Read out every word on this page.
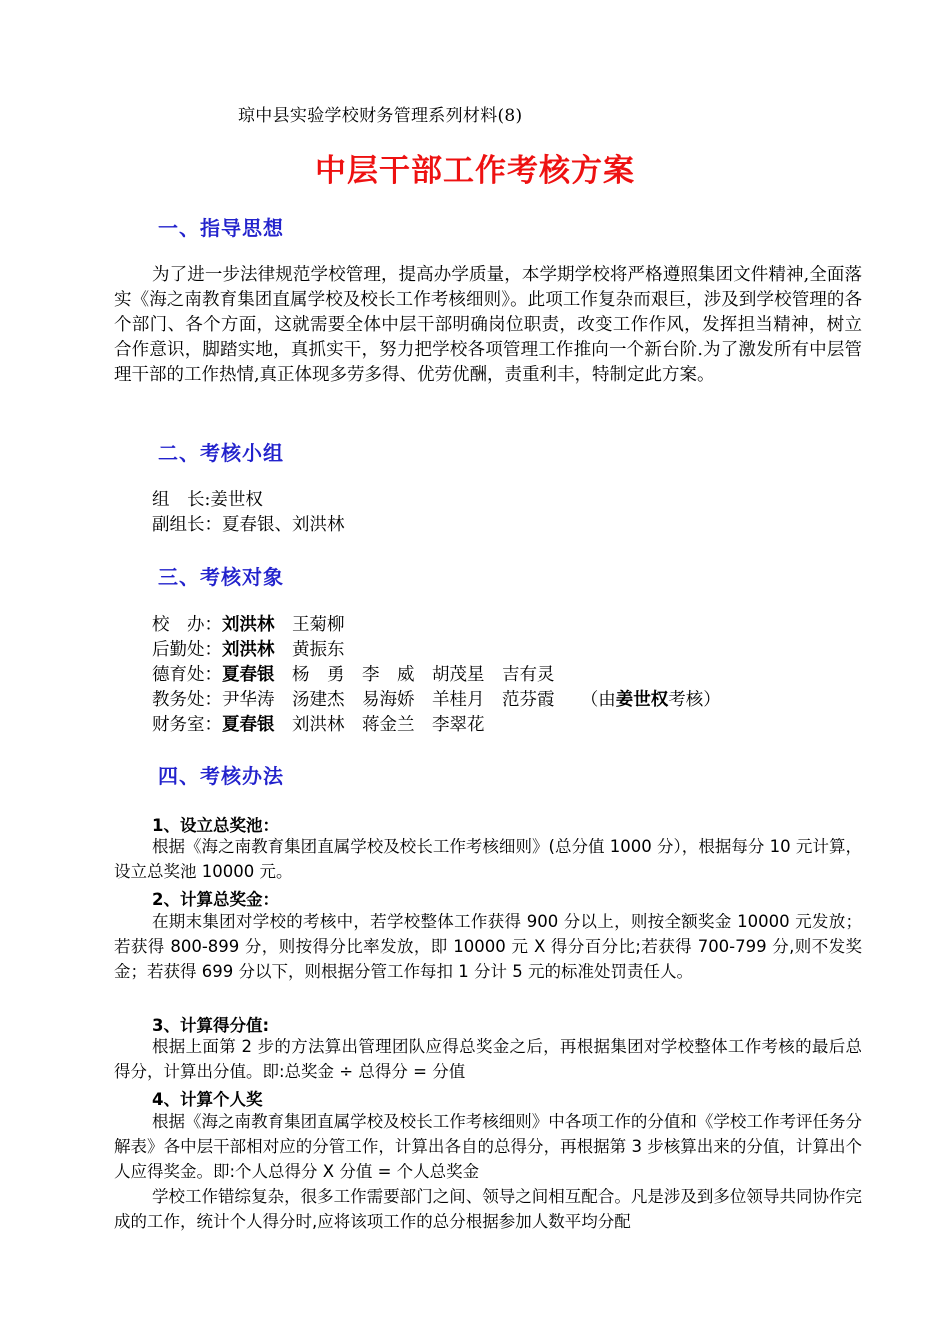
琼中县实验学校财务管理系列材料(8)
中层干部工作考核方案
一、指导思想
为了进一步法律规范学校管理，提高办学质量，本学期学校将严格遵照集团文件精神,全面落实《海之南教育集团直属学校及校长工作考核细则》。此项工作复杂而艰巨，涉及到学校管理的各个部门、各个方面，这就需要全体中层干部明确岗位职责，改变工作作风，发挥担当精神，树立合作意识，脚踏实地，真抓实干，努力把学校各项管理工作推向一个新台阶.为了激发所有中层管理干部的工作热情,真正体现多劳多得、优劳优酬，责重利丰，特制定此方案。
二、考核小组
组　长:姜世权
副组长：夏春银、刘洪林
三、考核对象
校　办：刘洪林　王菊柳
后勤处：刘洪林　黄振东
德育处：夏春银　杨　勇　李　威　胡茂星　吉有灵
教务处：尹华涛　汤建杰　易海娇　羊桂月　范芬霞　　（由姜世权考核）
财务室：夏春银　刘洪林　蒋金兰　李翠花
四、考核办法
1、设立总奖池：
根据《海之南教育集团直属学校及校长工作考核细则》(总分值 1000 分），根据每分 10 元计算，设立总奖池 10000 元。
2、计算总奖金：
在期末集团对学校的考核中，若学校整体工作获得 900 分以上，则按全额奖金 10000 元发放；若获得 800-899 分，则按得分比率发放，即 10000 元 X 得分百分比;若获得 700-799 分,则不发奖金；若获得 699 分以下，则根据分管工作每扣 1 分计 5 元的标准处罚责任人。
3、计算得分值:
根据上面第 2 步的方法算出管理团队应得总奖金之后，再根据集团对学校整体工作考核的最后总得分，计算出分值。即:总奖金 ÷ 总得分 = 分值
4、计算个人奖
根据《海之南教育集团直属学校及校长工作考核细则》中各项工作的分值和《学校工作考评任务分解表》各中层干部相对应的分管工作，计算出各自的总得分，再根据第 3 步核算出来的分值，计算出个人应得奖金。即:个人总得分 X 分值 = 个人总奖金
学校工作错综复杂，很多工作需要部门之间、领导之间相互配合。凡是涉及到多位领导共同协作完成的工作，统计个人得分时,应将该项工作的总分根据参加人数平均分配
